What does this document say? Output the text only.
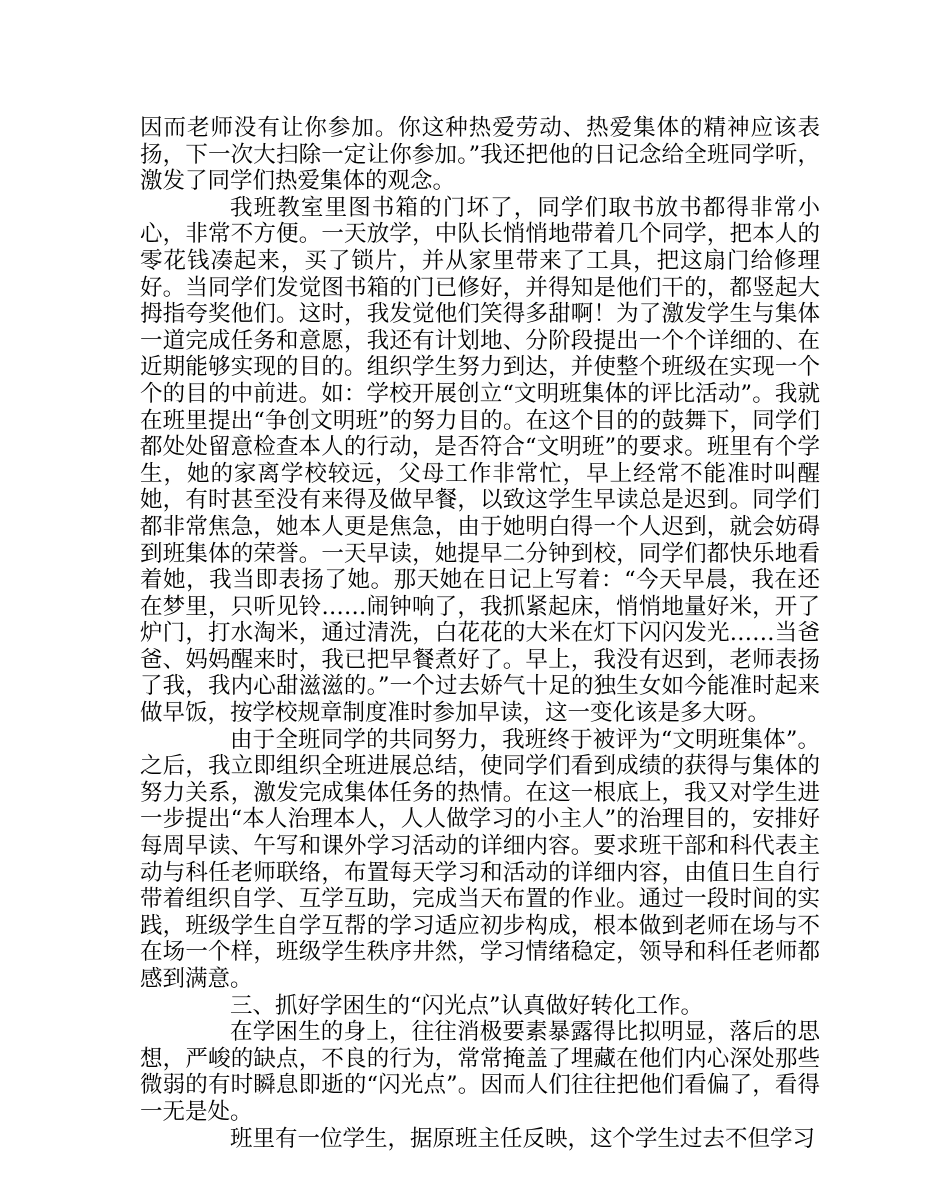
因而老师没有让你参加。你这种热爱劳动、热爱集体的精神应该表扬，下一次大扫除一定让你参加。”我还把他的日记念给全班同学听，激发了同学们热爱集体的观念。

我班教室里图书箱的门坏了，同学们取书放书都得非常小心，非常不方便。一天放学，中队长悄悄地带着几个同学，把本人的零花钱凑起来，买了锁片，并从家里带来了工具，把这扇门给修理好。当同学们发觉图书箱的门已修好，并得知是他们干的，都竖起大拇指夸奖他们。这时，我发觉他们笑得多甜啊！为了激发学生与集体一道完成任务和意愿，我还有计划地、分阶段提出一个个详细的、在近期能够实现的目的。组织学生努力到达，并使整个班级在实现一个个的目的中前进。如：学校开展创立“文明班集体的评比活动”。我就在班里提出“争创文明班”的努力目的。在这个目的的鼓舞下，同学们都处处留意检查本人的行动，是否符合“文明班”的要求。班里有个学生，她的家离学校较远，父母工作非常忙，早上经常不能准时叫醒她，有时甚至没有来得及做早餐，以致这学生早读总是迟到。同学们都非常焦急，她本人更是焦急，由于她明白得一个人迟到，就会妨碍到班集体的荣誉。一天早读，她提早二分钟到校，同学们都快乐地看着她，我当即表扬了她。那天她在日记上写着：“今天早晨，我在还在梦里，只听见铃……闹钟响了，我抓紧起床，悄悄地量好米，开了炉门，打水淘米，通过清洗，白花花的大米在灯下闪闪发光……当爸爸、妈妈醒来时，我已把早餐煮好了。早上，我没有迟到，老师表扬了我，我内心甜滋滋的。”一个过去娇气十足的独生女如今能准时起来做早饭，按学校规章制度准时参加早读，这一变化该是多大呀。

由于全班同学的共同努力，我班终于被评为“文明班集体”。之后，我立即组织全班进展总结，使同学们看到成绩的获得与集体的努力关系，激发完成集体任务的热情。在这一根底上，我又对学生进一步提出“本人治理本人，人人做学习的小主人”的治理目的，安排好每周早读、午写和课外学习活动的详细内容。要求班干部和科代表主动与科任老师联络，布置每天学习和活动的详细内容，由值日生自行带着组织自学、互学互助，完成当天布置的作业。通过一段时间的实践，班级学生自学互帮的学习适应初步构成，根本做到老师在场与不在场一个样，班级学生秩序井然，学习情绪稳定，领导和科任老师都感到满意。

三、抓好学困生的“闪光点”认真做好转化工作。

在学困生的身上，往往消极要素暴露得比拟明显，落后的思想，严峻的缺点，不良的行为，常常掩盖了埋藏在他们内心深处那些微弱的有时瞬息即逝的“闪光点”。因而人们往往把他们看偏了，看得一无是处。

班里有一位学生，据原班主任反映，这个学生过去不但学习
